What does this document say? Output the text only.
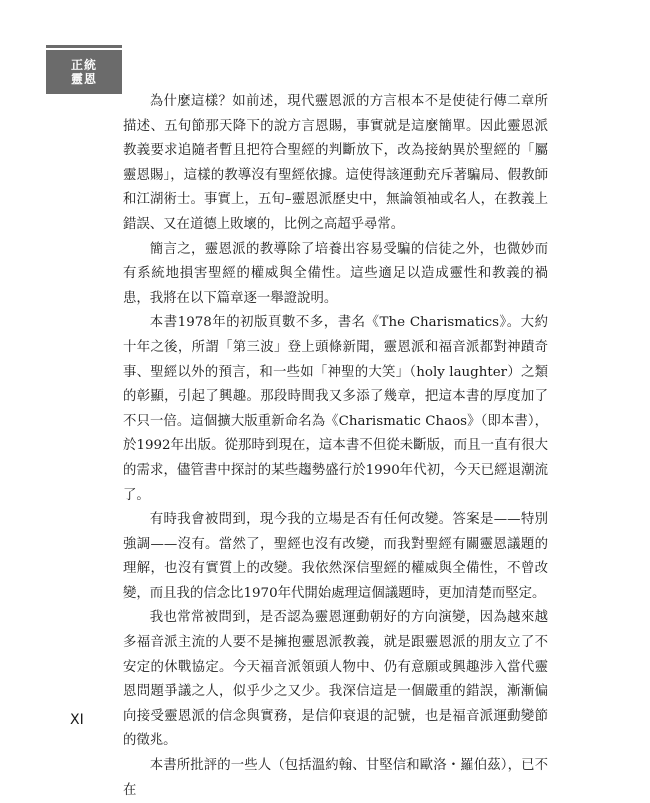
正統
靈恩

為什麼這樣？如前述，現代靈恩派的方言根本不是使徒行傳二章所描述、五旬節那天降下的說方言恩賜，事實就是這麼簡單。因此靈恩派教義要求追隨者暫且把符合聖經的判斷放下，改為接納異於聖經的「屬靈恩賜」，這樣的教導沒有聖經依據。這使得該運動充斥著騙局、假教師和江湖術士。事實上，五旬–靈恩派歷史中，無論領袖或名人，在教義上錯誤、又在道德上敗壞的，比例之高超乎尋常。

簡言之，靈恩派的教導除了培養出容易受騙的信徒之外，也微妙而有系統地損害聖經的權威與全備性。這些適足以造成靈性和教義的禍患，我將在以下篇章逐一舉證說明。

本書1978年的初版頁數不多，書名《The Charismatics》。大約十年之後，所謂「第三波」登上頭條新聞，靈恩派和福音派都對神蹟奇事、聖經以外的預言，和一些如「神聖的大笑」（holy laughter）之類的彰顯，引起了興趣。那段時間我又多添了幾章，把這本書的厚度加了不只一倍。這個擴大版重新命名為《Charismatic Chaos》（即本書），於1992年出版。從那時到現在，這本書不但從未斷版，而且一直有很大的需求，儘管書中探討的某些趨勢盛行於1990年代初，今天已經退潮流了。

有時我會被問到，現今我的立場是否有任何改變。答案是——特別強調——沒有。當然了，聖經也沒有改變，而我對聖經有關靈恩議題的理解，也沒有實質上的改變。我依然深信聖經的權威與全備性，不曾改變，而且我的信念比1970年代開始處理這個議題時，更加清楚而堅定。

我也常常被問到，是否認為靈恩運動朝好的方向演變，因為越來越多福音派主流的人要不是擁抱靈恩派教義，就是跟靈恩派的朋友立了不安定的休戰協定。今天福音派領頭人物中、仍有意願或興趣涉入當代靈恩問題爭議之人，似乎少之又少。我深信這是一個嚴重的錯誤，漸漸偏向接受靈恩派的信念與實務，是信仰衰退的記號，也是福音派運動變節的徵兆。

本書所批評的一些人（包括溫約翰、甘堅信和歐洛・羅伯茲），已不在

XI
